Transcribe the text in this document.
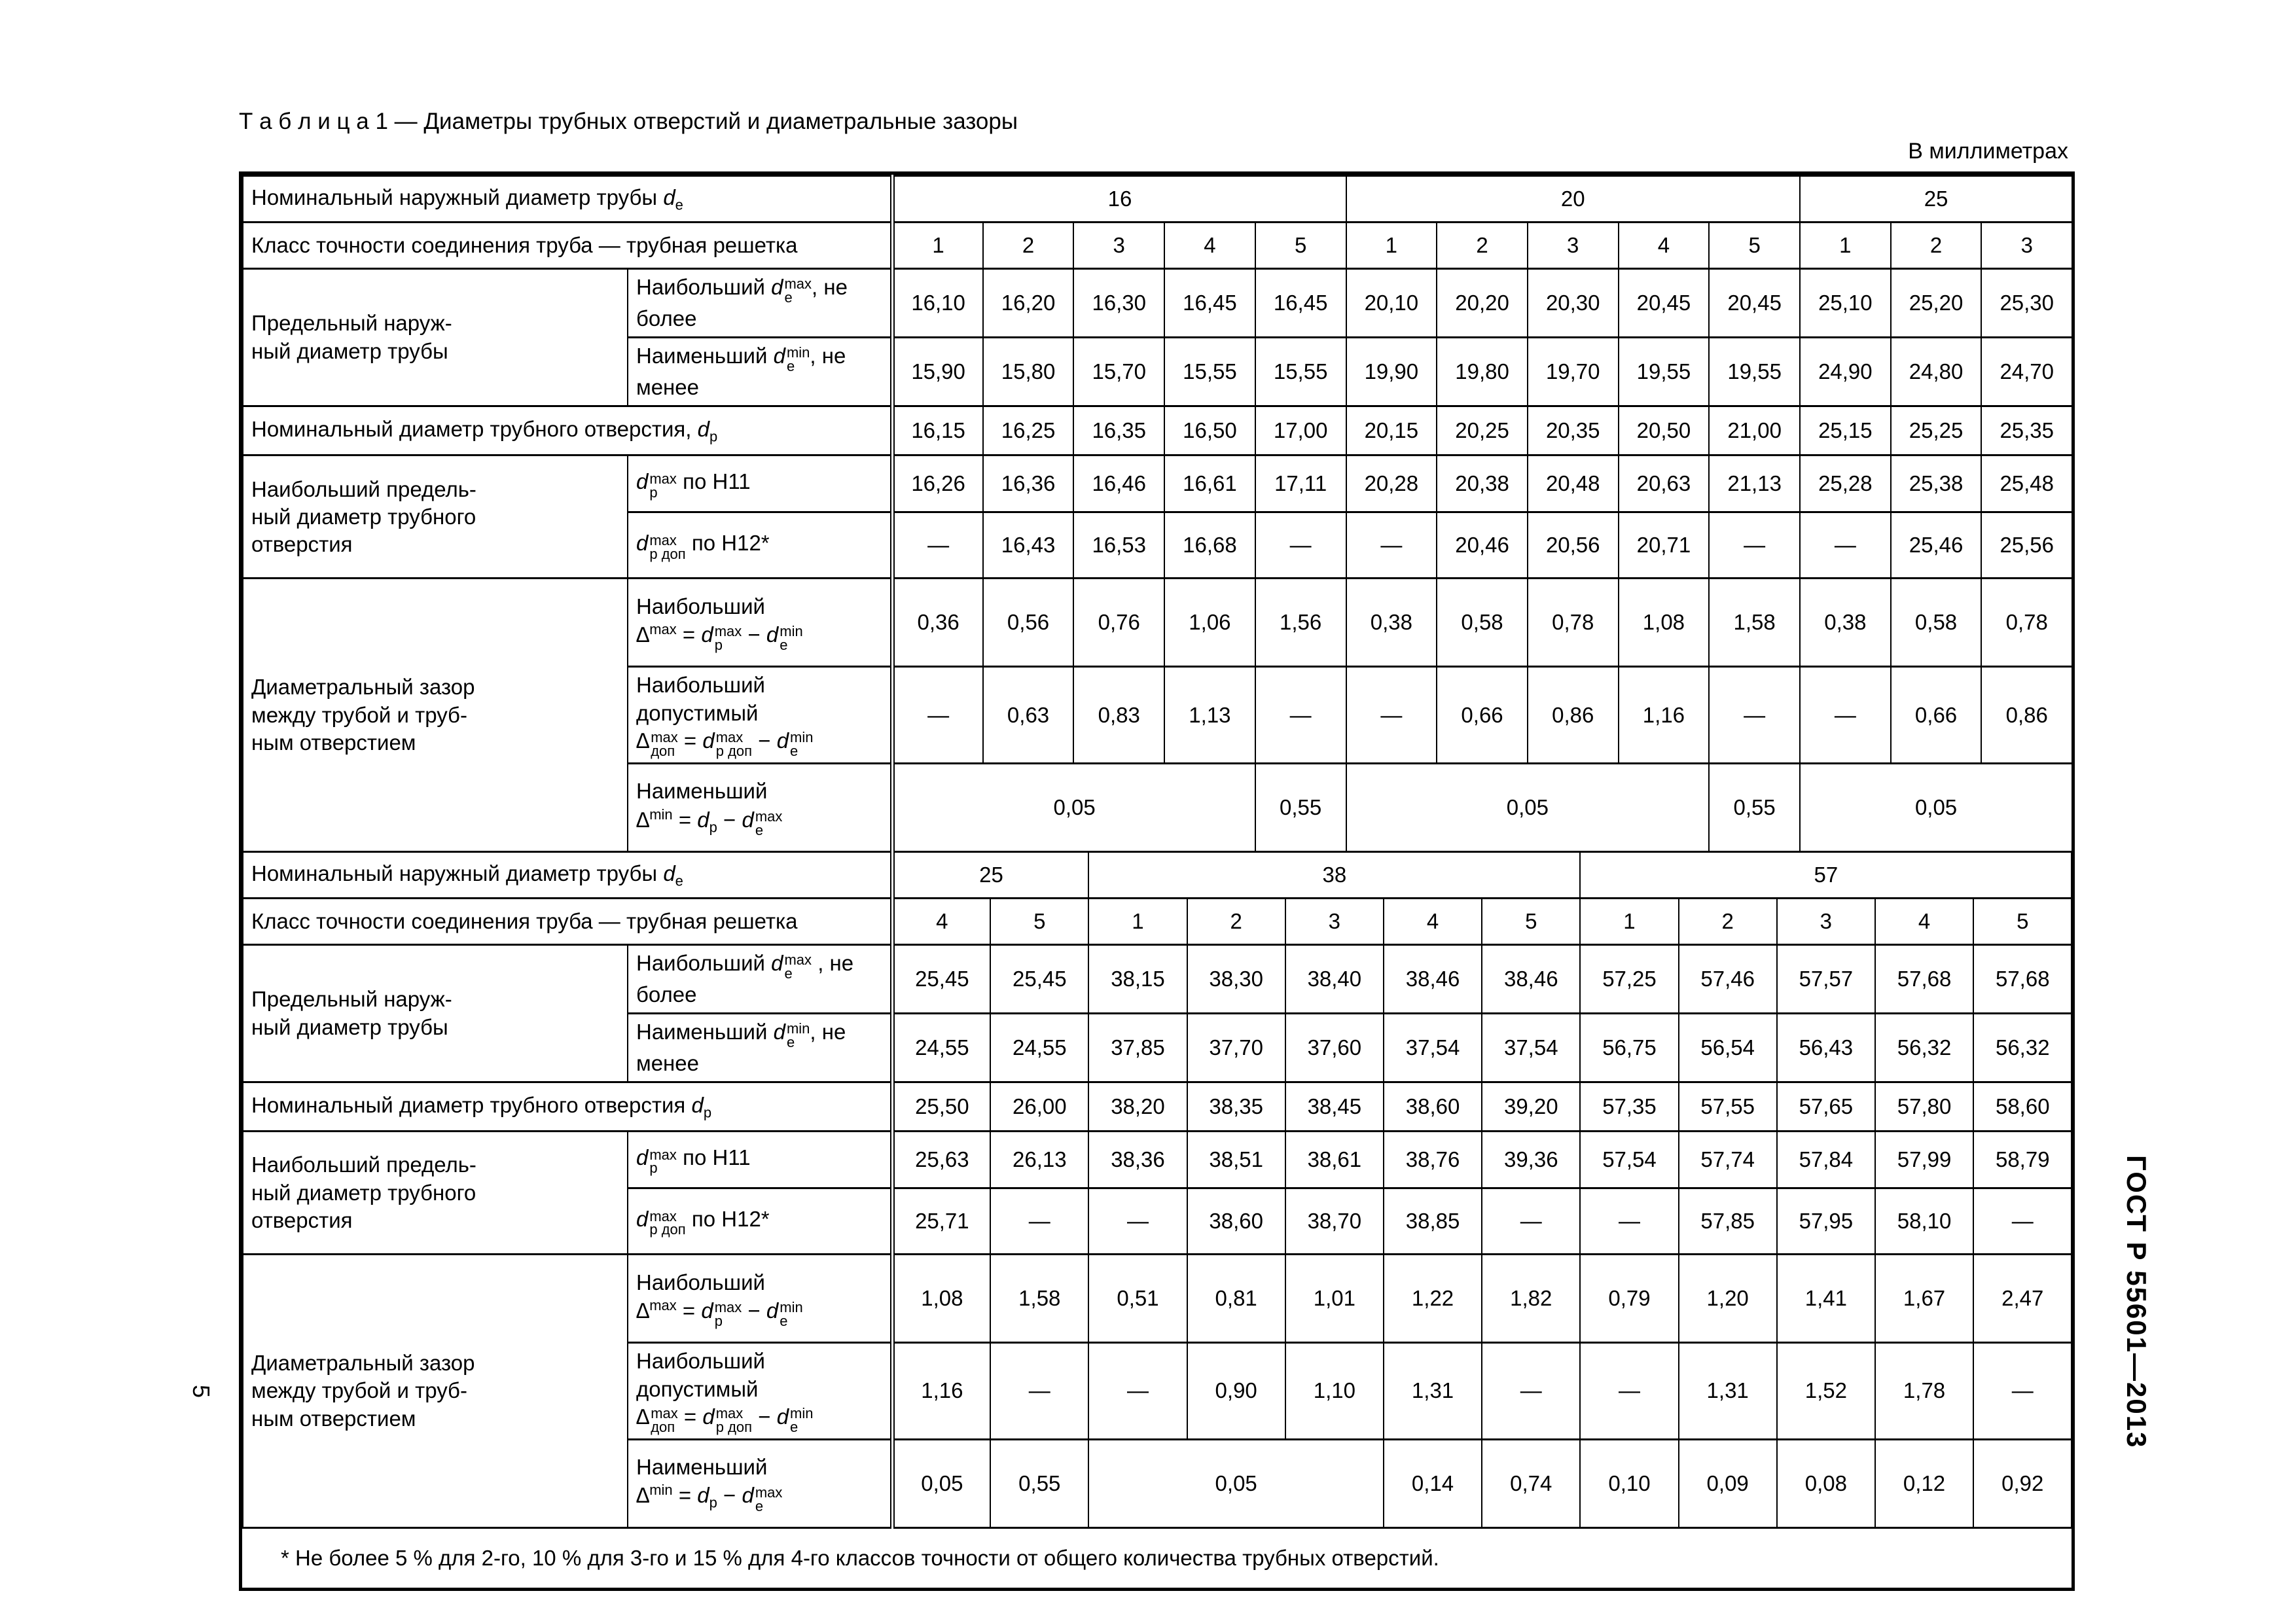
Т а б л и ц а 1 — Диаметры трубных отверстий и диаметральные зазоры
В миллиметрах
Номинальный наружный диаметр трубы $d_e$		16					20					25		
Класс точности соединения труба — трубная решетка		1	2	3	4	5	1	2	3	4	5	1	2	3
Предельный наруж-
ный диаметр трубы	Наибольший d max
e , не более	16,10	16,20	16,30	16,45	16,45	20,10	20,20	20,30	20,45	20,45	25,10	25,20	25,30
	Наименьший d min
e , не менее	15,90	15,80	15,70	15,55	15,55	19,90	19,80	19,70	19,55	19,55	24,90	24,80	24,70
Номинальный диаметр трубного отверстия, $d_p$		16,15	16,25	16,35	16,50	17,00	20,15	20,25	20,35	20,50	21,00	25,15	25,25	25,35
Наибольший предель-
ный диаметр трубного
отверстия	d max
p по Н11	16,26	16,36	16,46	16,61	17,11	20,28	20,38	20,48	20,63	21,13	25,28	25,38	25,48
	d max
p доп по Н12*	—	16,43	16,53	16,68	—	—	20,46	20,56	20,71	—	—	25,46	25,56
Диаметральный зазор
между трубой и труб-
ным отверстием	Наибольший
∆$^{max}$ = d max
p − d min
e
	0,36	0,56	0,76	1,06	1,56	0,38	0,58	0,78	1,08	1,58	0,38	0,58	0,78
Наибольший допустимый
∆ max
доп = d max
p доп − d min
e
	—	0,63	0,83	1,13	—	—	0,66	0,86	1,16	—	—	0,66	0,86
	Наименьший
$\Delta^{min} = d_p - d$ max
e	0,05				0,55	0,05				0,55	0,05		
Номинальный наружный диаметр трубы $d_e$		25		38					57				
Класс точности соединения труба — трубная решетка		4	5	1	2	3	4	5	1	2	3	4	5
Предельный наруж-
ный диаметр трубы	Наибольший d max
e , не более	25,45	25,45	38,15	38,30	38,40	38,46	38,46	57,25	57,46	57,57	57,68	57,68
	Наименьший d min
e , не менее	24,55	24,55	37,85	37,70	37,60	37,54	37,54	56,75	56,54	56,43	56,32	56,32
Номинальный диаметр трубного отверстия $d_p$		25,50	26,00	38,20	38,35	38,45	38,60	39,20	57,35	57,55	57,65	57,80	58,60
Наибольший предель-
ный диаметр трубного
отверстия	d max
p по Н11	25,63	26,13	38,36	38,51	38,61	38,76	39,36	57,54	57,74	57,84	57,99	58,79
	d max
p доп по Н12*	25,71	—	—	38,60	38,70	38,85	—	—	57,85	57,95	58,10	—
Диаметральный зазор
между трубой и труб-
ным отверстием	Наибольший
∆$^{max}$ = d max
p − d min
e
	1,08	1,58	0,51	0,81	1,01	1,22	1,82	0,79	1,20	1,41	1,67	2,47
Наибольший допустимый
∆ max
доп = d max
p доп − d min
e
	1,16	—	—	0,90	1,10	1,31	—	—	1,31	1,52	1,78	—
	Наименьший
$\Delta^{min} = d_p - d$ max
e	0,05	0,55	0,05			0,14	0,74	0,10	0,09	0,08	0,12	0,92
* Не более 5 % для 2-го, 10 % для 3-го и 15 % для 4-го классов точности от общего количества трубных отверстий.													
ГОСТ Р 55601—2013
5
